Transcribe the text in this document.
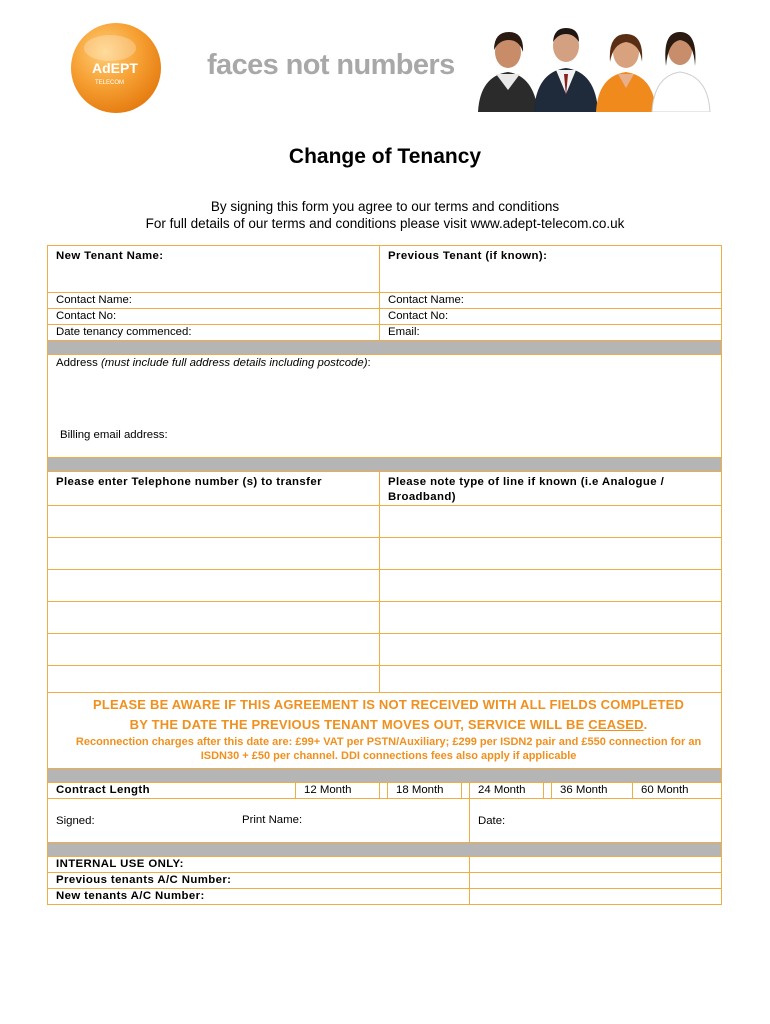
AdEPT
TELECOM
faces not numbers
Change of Tenancy
By signing this form you agree to our terms and conditions
For full details of our terms and conditions please visit www.adept-telecom.co.uk
New Tenant Name:		Previous Tenant (if known):						

Contact Name:		Contact Name:						
Contact No:		Contact No:						
Date tenancy commenced:		Email:						

Address (must include full address details including postcode):
Billing email address:								

Please enter Telephone number (s) to transfer		Please note type of line if known (i.e Analogue / Broadband)						

PLEASE BE AWARE IF THIS AGREEMENT IS NOT RECEIVED WITH ALL FIELDS COMPLETED
BY THE DATE THE PREVIOUS TENANT MOVES OUT, SERVICE WILL BE CEASED.
Reconnection charges after this date are: £99+ VAT per PSTN/Auxiliary; £299 per ISDN2 pair and £550 connection for an ISDN30 + £50 per channel. DDI connections fees also apply if applicable								

Contract Length	12 Month		18 Month		24 Month		36 Month	60 Month

Signed: Print Name:					Date:			

INTERNAL USE ONLY:								
Previous tenants A/C Number:								
New tenants A/C Number:								
